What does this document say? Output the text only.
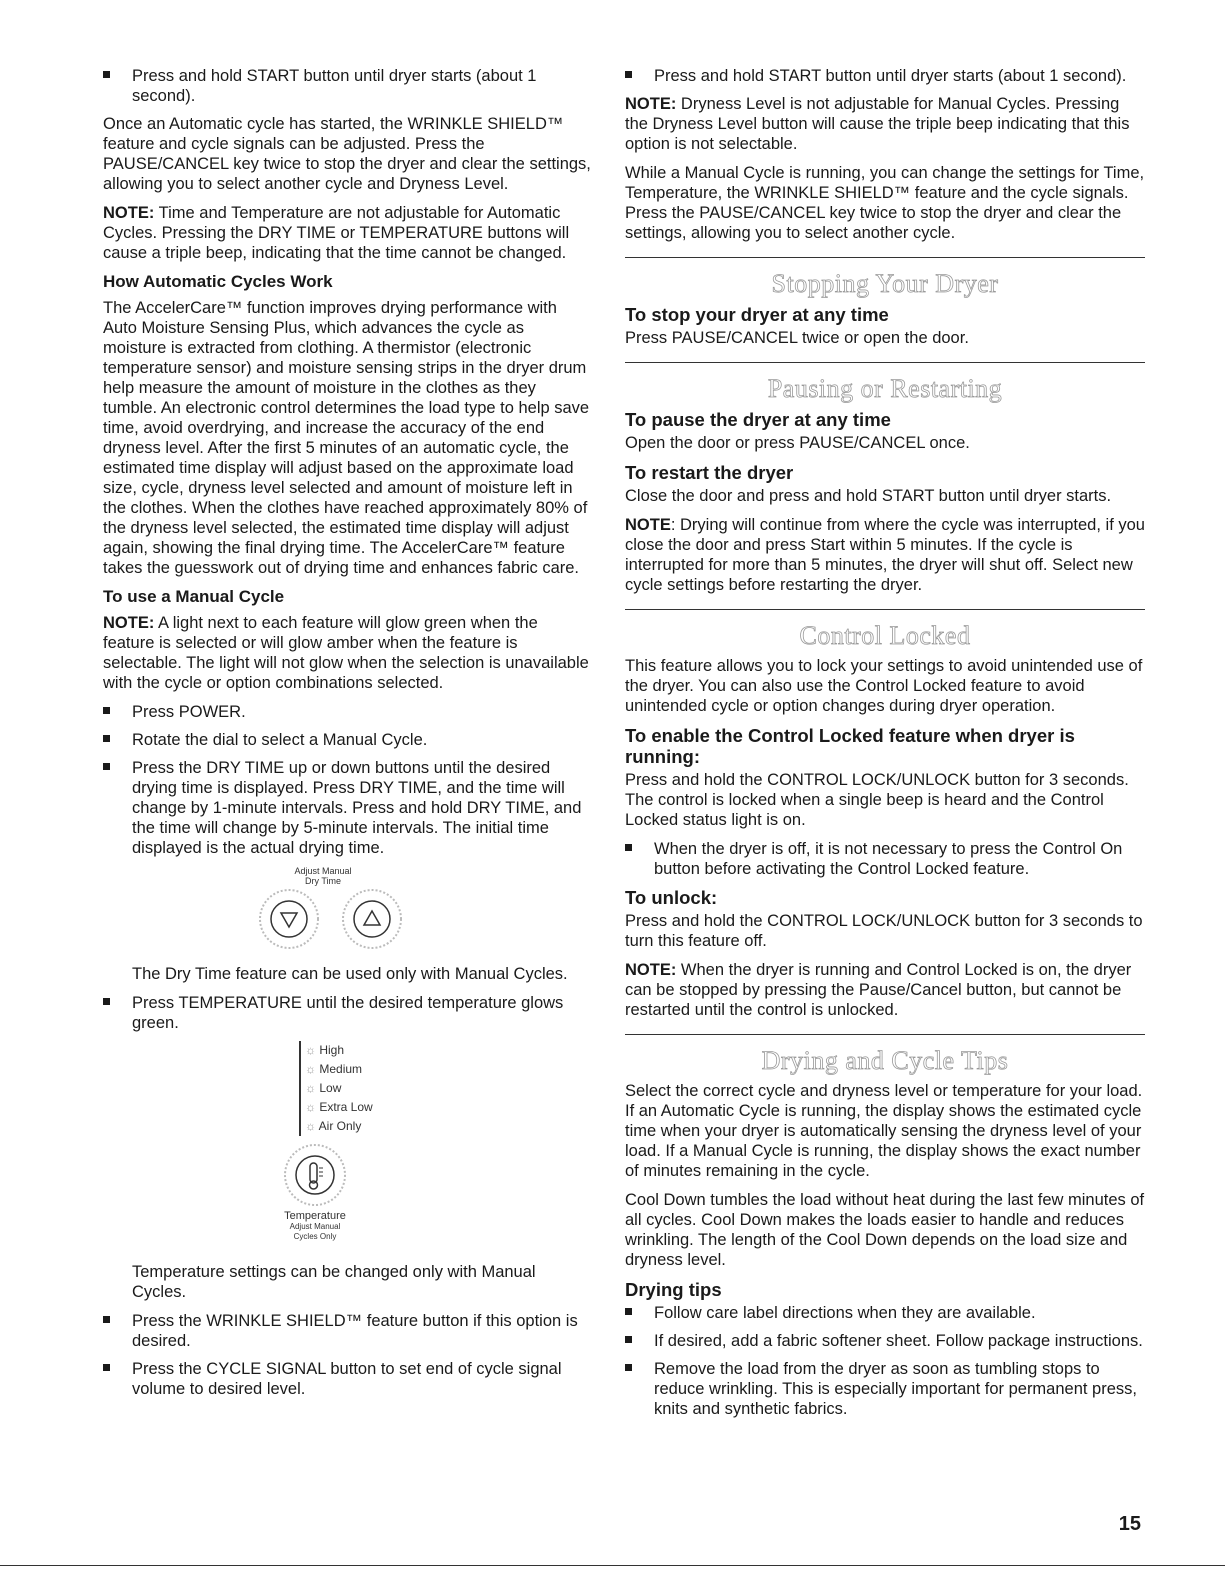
Press and hold START button until dryer starts (about 1 second).

Once an Automatic cycle has started, the WRINKLE SHIELD™ feature and cycle signals can be adjusted. Press the PAUSE/CANCEL key twice to stop the dryer and clear the settings, allowing you to select another cycle and Dryness Level.

NOTE: Time and Temperature are not adjustable for Automatic Cycles. Pressing the DRY TIME or TEMPERATURE buttons will cause a triple beep, indicating that the time cannot be changed.

How Automatic Cycles Work

The AccelerCare™ function improves drying performance with Auto Moisture Sensing Plus, which advances the cycle as moisture is extracted from clothing. A thermistor (electronic temperature sensor) and moisture sensing strips in the dryer drum help measure the amount of moisture in the clothes as they tumble. An electronic control determines the load type to help save time, avoid overdrying, and increase the accuracy of the end dryness level. After the first 5 minutes of an automatic cycle, the estimated time display will adjust based on the approximate load size, cycle, dryness level selected and amount of moisture left in the clothes. When the clothes have reached approximately 80% of the dryness level selected, the estimated time display will adjust again, showing the final drying time. The AccelerCare™ feature takes the guesswork out of drying time and enhances fabric care.

To use a Manual Cycle

NOTE: A light next to each feature will glow green when the feature is selected or will glow amber when the feature is selectable. The light will not glow when the selection is unavailable with the cycle or option combinations selected.

Press POWER.
Rotate the dial to select a Manual Cycle.
Press the DRY TIME up or down buttons until the desired drying time is displayed. Press DRY TIME, and the time will change by 1-minute intervals. Press and hold DRY TIME, and the time will change by 5-minute intervals. The initial time displayed is the actual drying time.
Adjust Manual
Dry Time

The Dry Time feature can be used only with Manual Cycles.

Press TEMPERATURE until the desired temperature glows green.
☼ High
☼ Medium
☼ Low
☼ Extra Low
☼ Air Only
Temperature
Adjust Manual
Cycles Only

Temperature settings can be changed only with Manual Cycles.

Press the WRINKLE SHIELD™ feature button if this option is desired.
Press the CYCLE SIGNAL button to set end of cycle signal volume to desired level.
Press and hold START button until dryer starts (about 1 second).

NOTE: Dryness Level is not adjustable for Manual Cycles. Pressing the Dryness Level button will cause the triple beep indicating that this option is not selectable.

While a Manual Cycle is running, you can change the settings for Time, Temperature, the WRINKLE SHIELD™ feature and the cycle signals. Press the PAUSE/CANCEL key twice to stop the dryer and clear the settings, allowing you to select another cycle.

Stopping Your Dryer
To stop your dryer at any time

Press PAUSE/CANCEL twice or open the door.

Pausing or Restarting
To pause the dryer at any time

Open the door or press PAUSE/CANCEL once.

To restart the dryer

Close the door and press and hold START button until dryer starts.

NOTE: Drying will continue from where the cycle was interrupted, if you close the door and press Start within 5 minutes. If the cycle is interrupted for more than 5 minutes, the dryer will shut off. Select new cycle settings before restarting the dryer.

Control Locked

This feature allows you to lock your settings to avoid unintended use of the dryer. You can also use the Control Locked feature to avoid unintended cycle or option changes during dryer operation.

To enable the Control Locked feature when dryer is running:

Press and hold the CONTROL LOCK/UNLOCK button for 3 seconds. The control is locked when a single beep is heard and the Control Locked status light is on.

When the dryer is off, it is not necessary to press the Control On button before activating the Control Locked feature.
To unlock:

Press and hold the CONTROL LOCK/UNLOCK button for 3 seconds to turn this feature off.

NOTE: When the dryer is running and Control Locked is on, the dryer can be stopped by pressing the Pause/Cancel button, but cannot be restarted until the control is unlocked.

Drying and Cycle Tips

Select the correct cycle and dryness level or temperature for your load. If an Automatic Cycle is running, the display shows the estimated cycle time when your dryer is automatically sensing the dryness level of your load. If a Manual Cycle is running, the display shows the exact number of minutes remaining in the cycle.

Cool Down tumbles the load without heat during the last few minutes of all cycles. Cool Down makes the loads easier to handle and reduces wrinkling. The length of the Cool Down depends on the load size and dryness level.

Drying tips
Follow care label directions when they are available.
If desired, add a fabric softener sheet. Follow package instructions.
Remove the load from the dryer as soon as tumbling stops to reduce wrinkling. This is especially important for permanent press, knits and synthetic fabrics.
15
